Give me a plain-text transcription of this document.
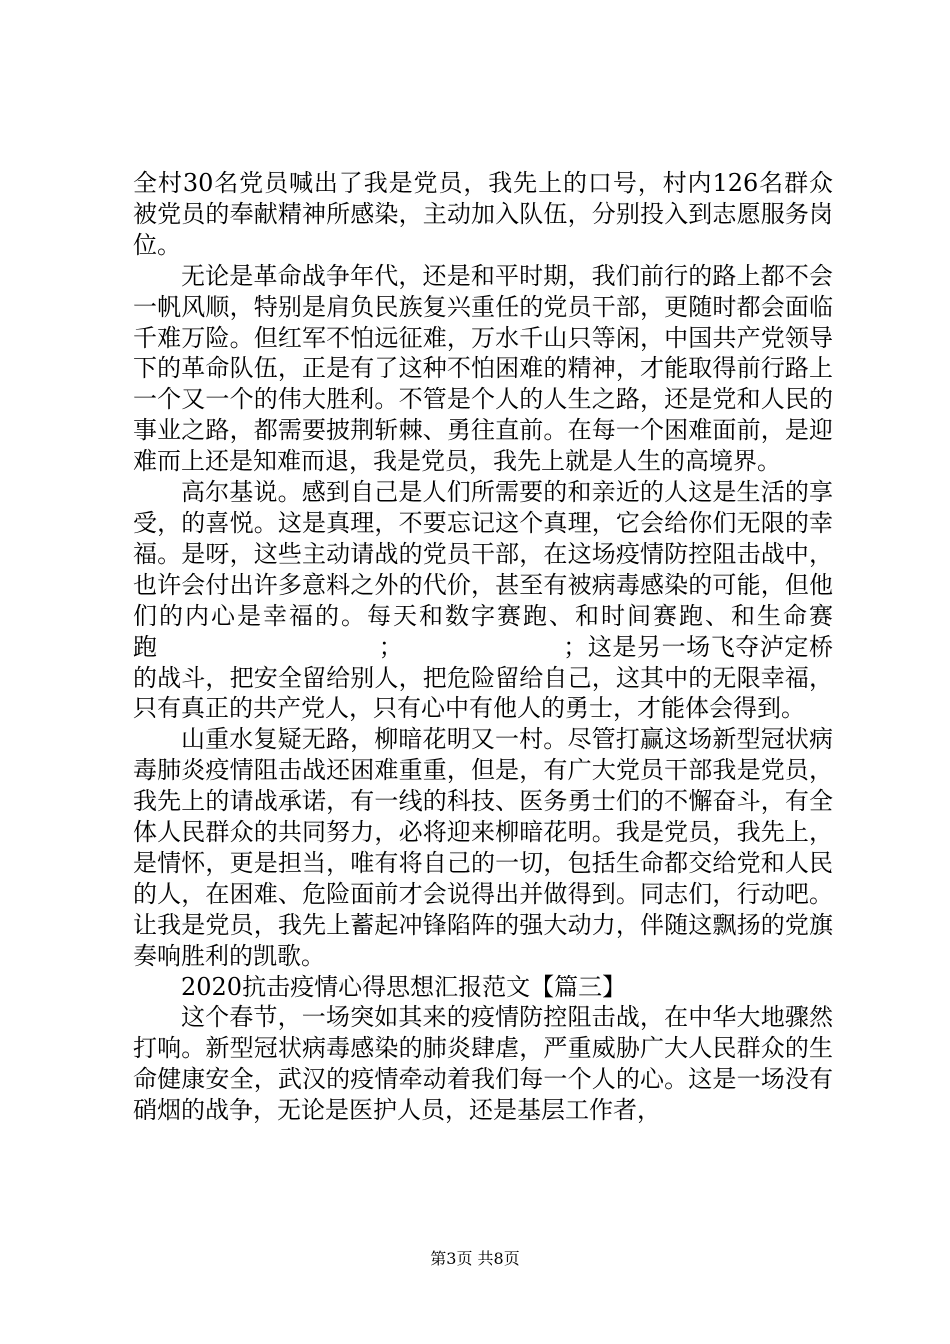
全村30名党员喊出了我是党员，我先上的口号，村内126名群众被党员的奉献精神所感染，主动加入队伍，分别投入到志愿服务岗位。

无论是革命战争年代，还是和平时期，我们前行的路上都不会一帆风顺，特别是肩负民族复兴重任的党员干部，更随时都会面临千难万险。但红军不怕远征难，万水千山只等闲，中国共产党领导下的革命队伍，正是有了这种不怕困难的精神，才能取得前行路上一个又一个的伟大胜利。不管是个人的人生之路，还是党和人民的事业之路，都需要披荆斩棘、勇往直前。在每一个困难面前，是迎难而上还是知难而退，我是党员，我先上就是人生的高境界。

高尔基说。感到自己是人们所需要的和亲近的人这是生活的享受，的喜悦。这是真理，不要忘记这个真理，它会给你们无限的幸福。是呀，这些主动请战的党员干部，在这场疫情防控阻击战中，也许会付出许多意料之外的代价，甚至有被病毒感染的可能，但他们的内心是幸福的。每天和数字赛跑、和时间赛跑、和生命赛跑　　　　　　　　　；　　　　　　　；这是另一场飞夺泸定桥的战斗，把安全留给别人，把危险留给自己，这其中的无限幸福，只有真正的共产党人，只有心中有他人的勇士，才能体会得到。

山重水复疑无路，柳暗花明又一村。尽管打赢这场新型冠状病毒肺炎疫情阻击战还困难重重，但是，有广大党员干部我是党员，我先上的请战承诺，有一线的科技、医务勇士们的不懈奋斗，有全体人民群众的共同努力，必将迎来柳暗花明。我是党员，我先上，是情怀，更是担当，唯有将自己的一切，包括生命都交给党和人民的人，在困难、危险面前才会说得出并做得到。同志们，行动吧。让我是党员，我先上蓄起冲锋陷阵的强大动力，伴随这飘扬的党旗奏响胜利的凯歌。

2020抗击疫情心得思想汇报范文【篇三】

这个春节，一场突如其来的疫情防控阻击战，在中华大地骤然打响。新型冠状病毒感染的肺炎肆虐，严重威胁广大人民群众的生命健康安全，武汉的疫情牵动着我们每一个人的心。这是一场没有硝烟的战争，无论是医护人员，还是基层工作者，

第3页 共8页
